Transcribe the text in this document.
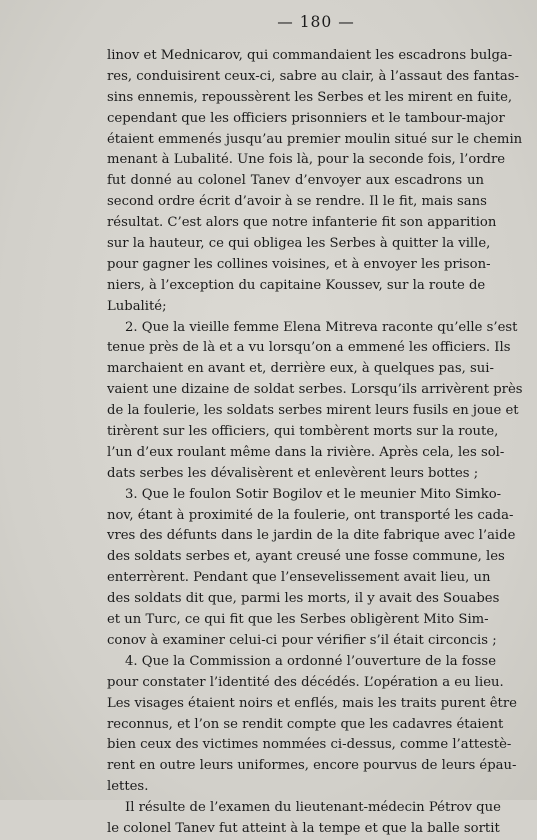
— 180 —
linov et Mednicarov, qui commandaient les escadrons bulga-
res, conduisirent ceux-ci, sabre au clair, à l’assaut des fantas-
sins ennemis, repoussèrent les Serbes et les mirent en fuite,
cependant que les officiers prisonniers et le tambour-major
étaient emmenés jusqu’au premier moulin situé sur le chemin
menant à Lubalité. Une fois là, pour la seconde fois, l’ordre
fut donné au colonel Tanev d’envoyer aux escadrons un
second ordre écrit d’avoir à se rendre. Il le fit, mais sans
résultat. C’est alors que notre infanterie fit son apparition
sur la hauteur, ce qui obligea les Serbes à quitter la ville,
pour gagner les collines voisines, et à envoyer les prison-
niers, à l’exception du capitaine Koussev, sur la route de
Lubalité;
2. Que la vieille femme Elena Mitreva raconte qu’elle s’est
tenue près de là et a vu lorsqu’on a emmené les officiers. Ils
marchaient en avant et, derrière eux, à quelques pas, sui-
vaient une dizaine de soldat serbes. Lorsqu’ils arrivèrent près
de la foulerie, les soldats serbes mirent leurs fusils en joue et
tirèrent sur les officiers, qui tombèrent morts sur la route,
l’un d’eux roulant même dans la rivière. Après cela, les sol-
dats serbes les dévalisèrent et enlevèrent leurs bottes ;
3. Que le foulon Sotir Bogilov et le meunier Mito Simko-
nov, étant à proximité de la foulerie, ont transporté les cada-
vres des défunts dans le jardin de la dite fabrique avec l’aide
des soldats serbes et, ayant creusé une fosse commune, les
enterrèrent. Pendant que l’ensevelissement avait lieu, un
des soldats dit que, parmi les morts, il y avait des Souabes
et un Turc, ce qui fit que les Serbes obligèrent Mito Sim-
conov à examiner celui-ci pour vérifier s’il était circoncis ;
4. Que la Commission a ordonné l’ouverture de la fosse
pour constater l’identité des décédés. L’opération a eu lieu.
Les visages étaient noirs et enflés, mais les traits purent être
reconnus, et l’on se rendit compte que les cadavres étaient
bien ceux des victimes nommées ci-dessus, comme l’attestè-
rent en outre leurs uniformes, encore pourvus de leurs épau-
lettes.
Il résulte de l’examen du lieutenant-médecin Pétrov que
le colonel Tanev fut atteint à la tempe et que la balle sortit
